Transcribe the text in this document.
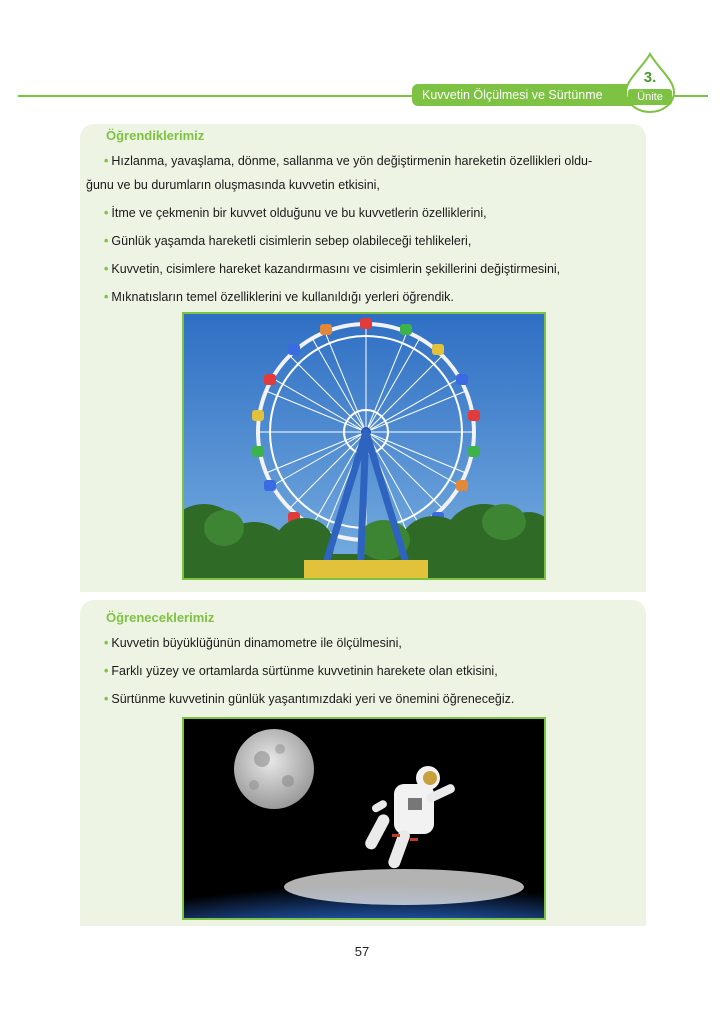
Kuvvetin Ölçülmesi ve Sürtünme
3.
Ünite
Öğrendiklerimiz
• Hızlanma, yavaşlama, dönme, sallanma ve yön değiştirmenin hareketin özellikleri oldu-
ğunu ve bu durumların oluşmasında kuvvetin etkisini,
• İtme ve çekmenin bir kuvvet olduğunu ve bu kuvvetlerin özelliklerini,
• Günlük yaşamda hareketli cisimlerin sebep olabileceği tehlikeleri,
• Kuvvetin, cisimlere hareket kazandırmasını ve cisimlerin şekillerini değiştirmesini,
• Mıknatısların temel özelliklerini ve kullanıldığı yerleri öğrendik.
Öğreneceklerimiz
• Kuvvetin büyüklüğünün dinamometre ile ölçülmesini,
• Farklı yüzey ve ortamlarda sürtünme kuvvetinin harekete olan etkisini,
• Sürtünme kuvvetinin günlük yaşantımızdaki yeri ve önemini öğreneceğiz.
57
